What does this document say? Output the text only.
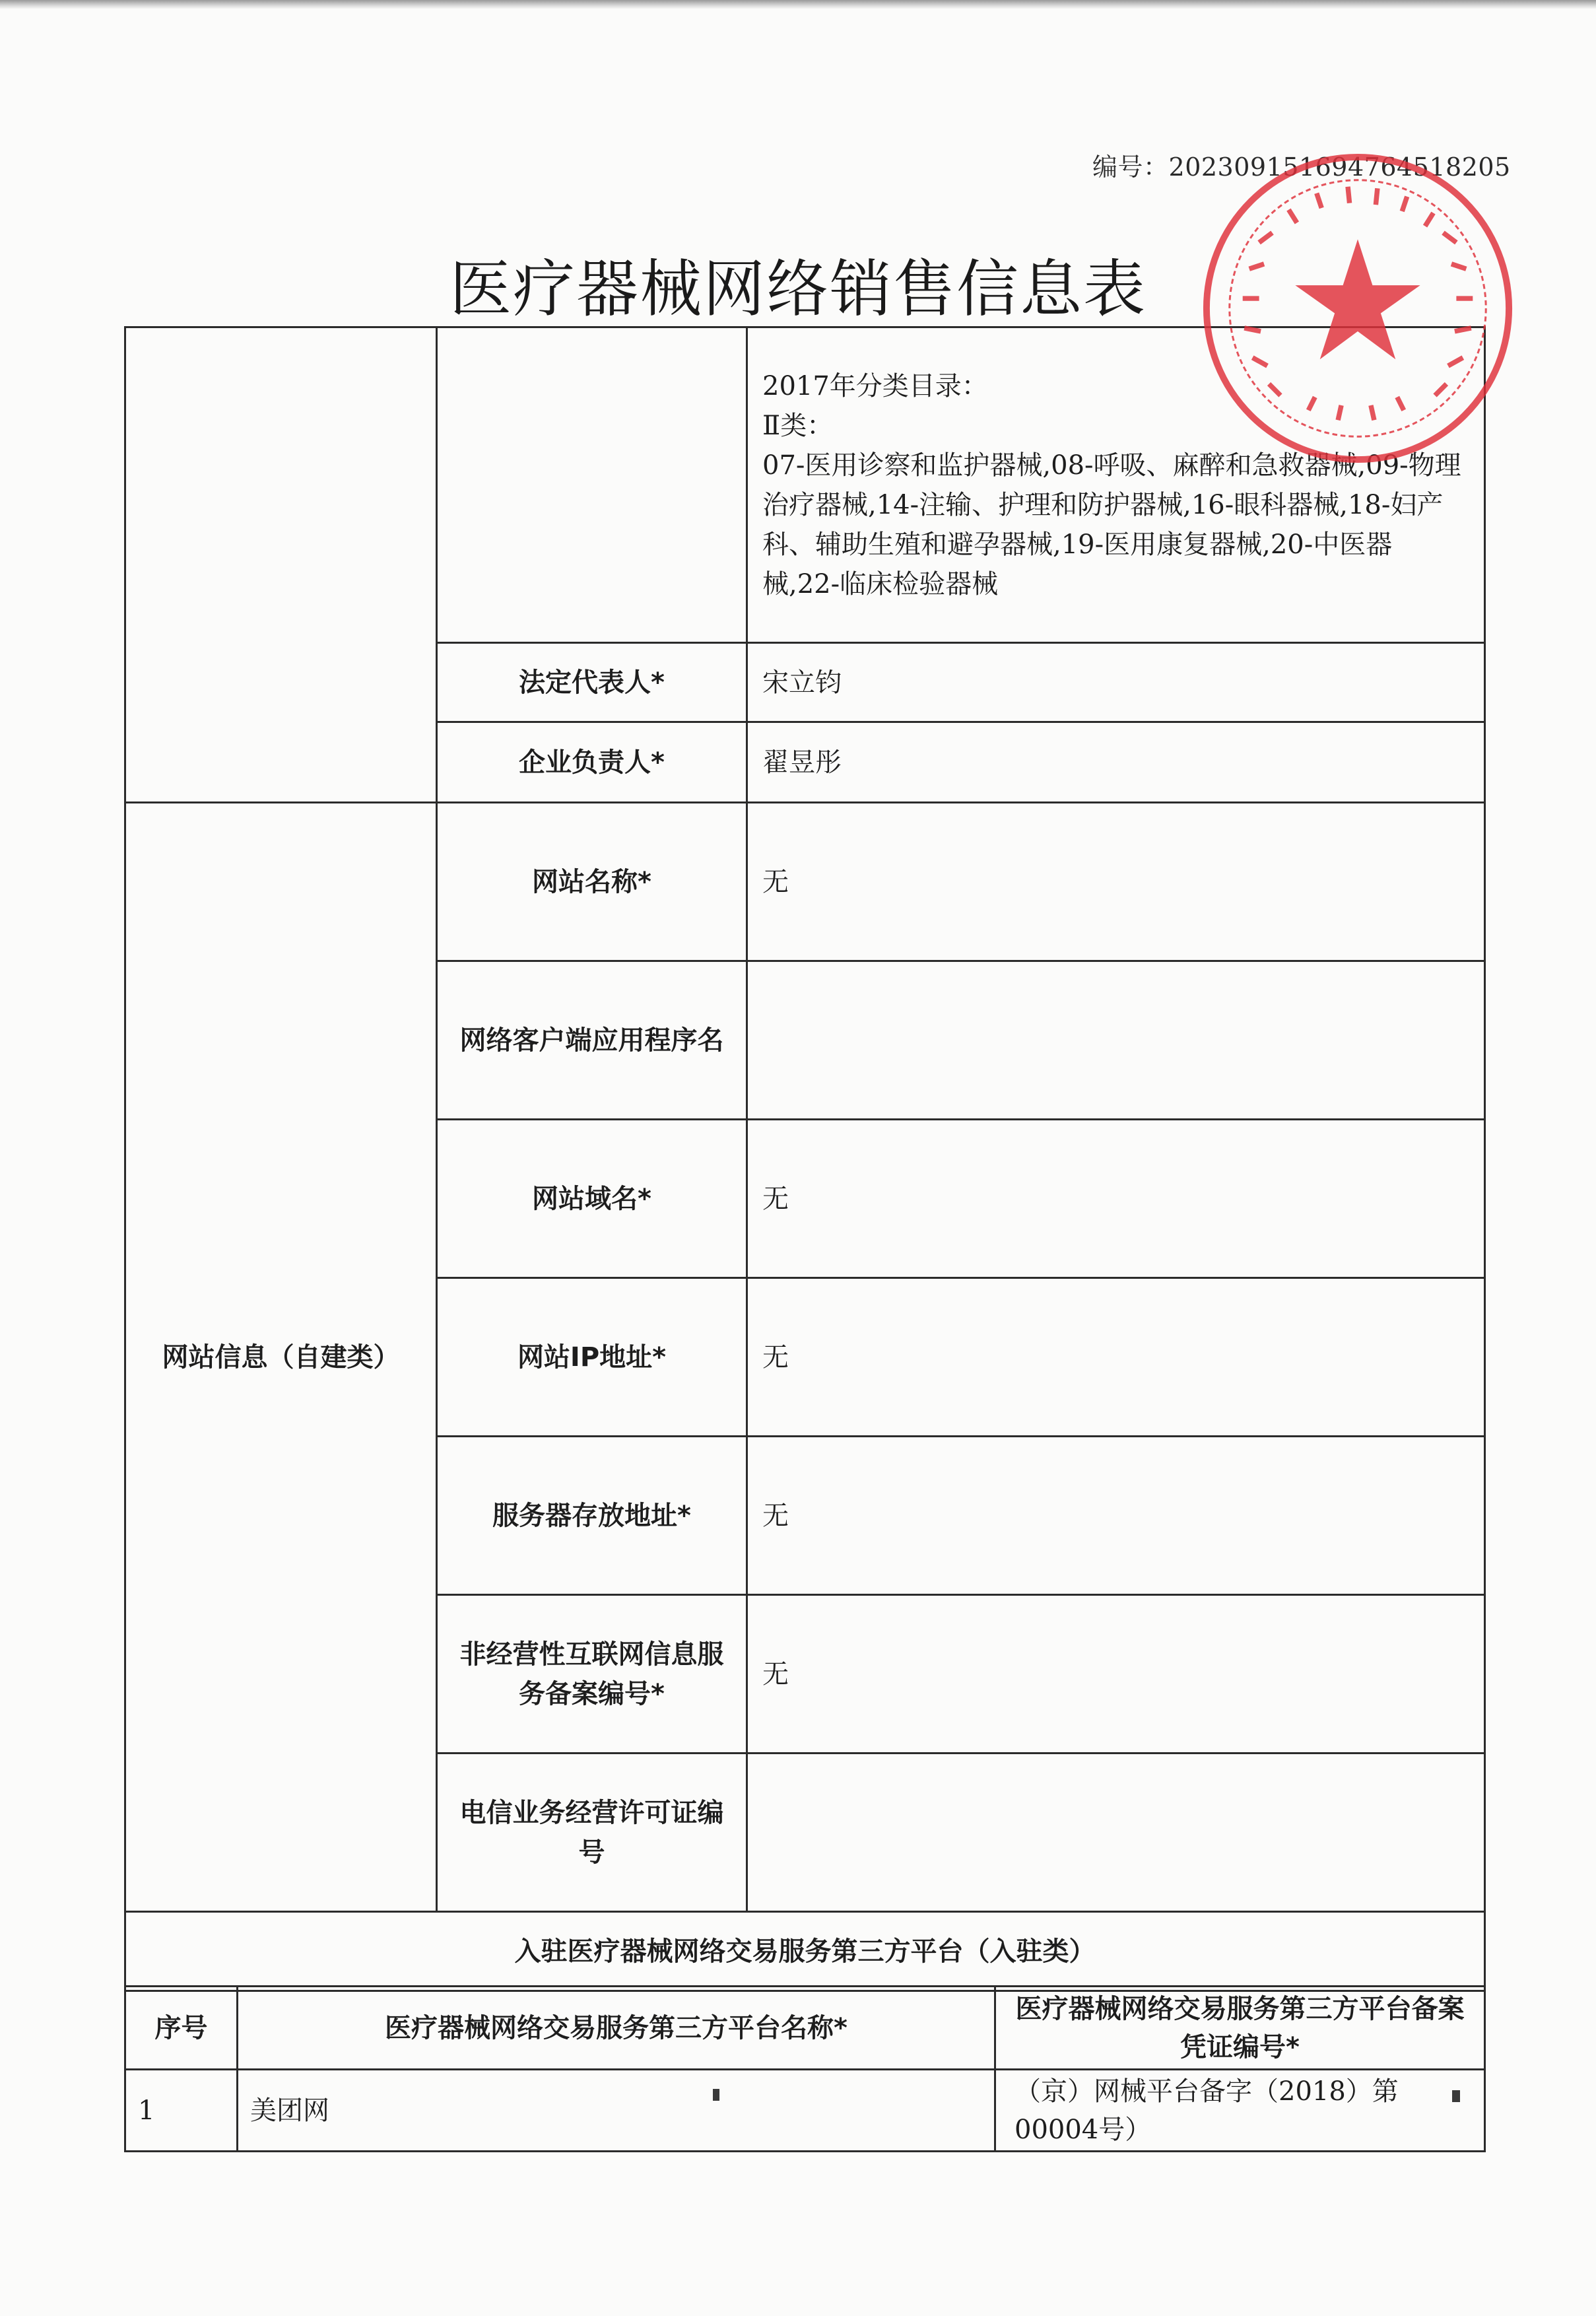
编号：20230915169476451​8205
医疗器械网络销售信息表

		2017年分类目录：
Ⅱ类：
07-医用诊察和监护器械,08-呼吸、麻醉和急救器械,09-物理治疗器械,14-注输、护理和防护器械,16-眼科器械,18-妇产科、辅助生殖和避孕器械,19-医用康复器械,20-中医器械,22-临床检验器械

	法定代表人*	宋立钧
	企业负责人*	翟昱彤
网站信息（自建类）	网站名称*	无
	网络客户端应用程序名	
	网站域名*	无
	网站IP地址*	无
	服务器存放地址*	无
	非经营性互联网信息服务备案编号*	无
	电信业务经营许可证编号	
入驻医疗器械网络交易服务第三方平台（入驻类）		
序号	医疗器械网络交易服务第三方平台名称*	医疗器械网络交易服务第三方平台备案凭证编号*
1	美团网	（京）网械平台备字（2018）第00004号）
